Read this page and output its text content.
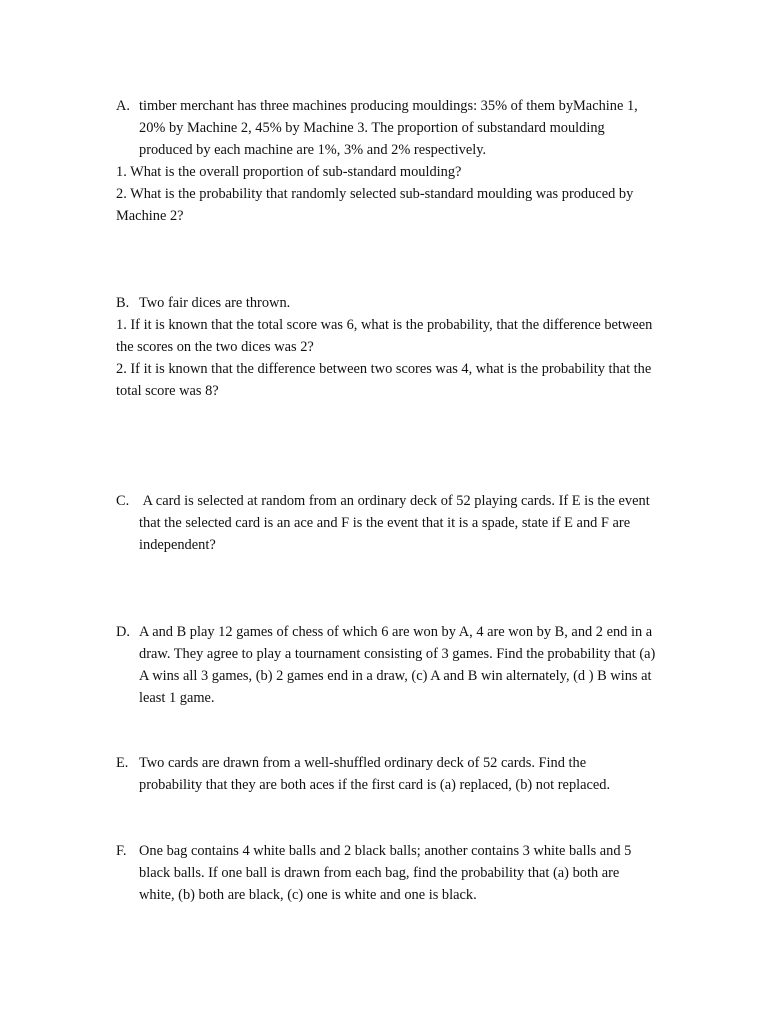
A. timber merchant has three machines producing mouldings: 35% of them byMachine 1, 20% by Machine 2, 45% by Machine 3. The proportion of substandard moulding produced by each machine are 1%, 3% and 2% respectively.
1. What is the overall proportion of sub-standard moulding?
2. What is the probability that randomly selected sub-standard moulding was produced by Machine 2?
B. Two fair dices are thrown.
1. If it is known that the total score was 6, what is the probability, that the difference between the scores on the two dices was 2?
2. If it is known that the difference between two scores was 4, what is the probability that the total score was 8?
C. A card is selected at random from an ordinary deck of 52 playing cards. If E is the event that the selected card is an ace and F is the event that it is a spade, state if E and F are independent?
D. A and B play 12 games of chess of which 6 are won by A, 4 are won by B, and 2 end in a draw. They agree to play a tournament consisting of 3 games. Find the probability that (a) A wins all 3 games, (b) 2 games end in a draw, (c) A and B win alternately, (d ) B wins at least 1 game.
E. Two cards are drawn from a well-shuffled ordinary deck of 52 cards. Find the
probability that they are both aces if the first card is (a) replaced, (b) not replaced.
F. One bag contains 4 white balls and 2 black balls; another contains 3 white balls and 5 black balls. If one ball is drawn from each bag, find the probability that (a) both are white, (b) both are black, (c) one is white and one is black.
